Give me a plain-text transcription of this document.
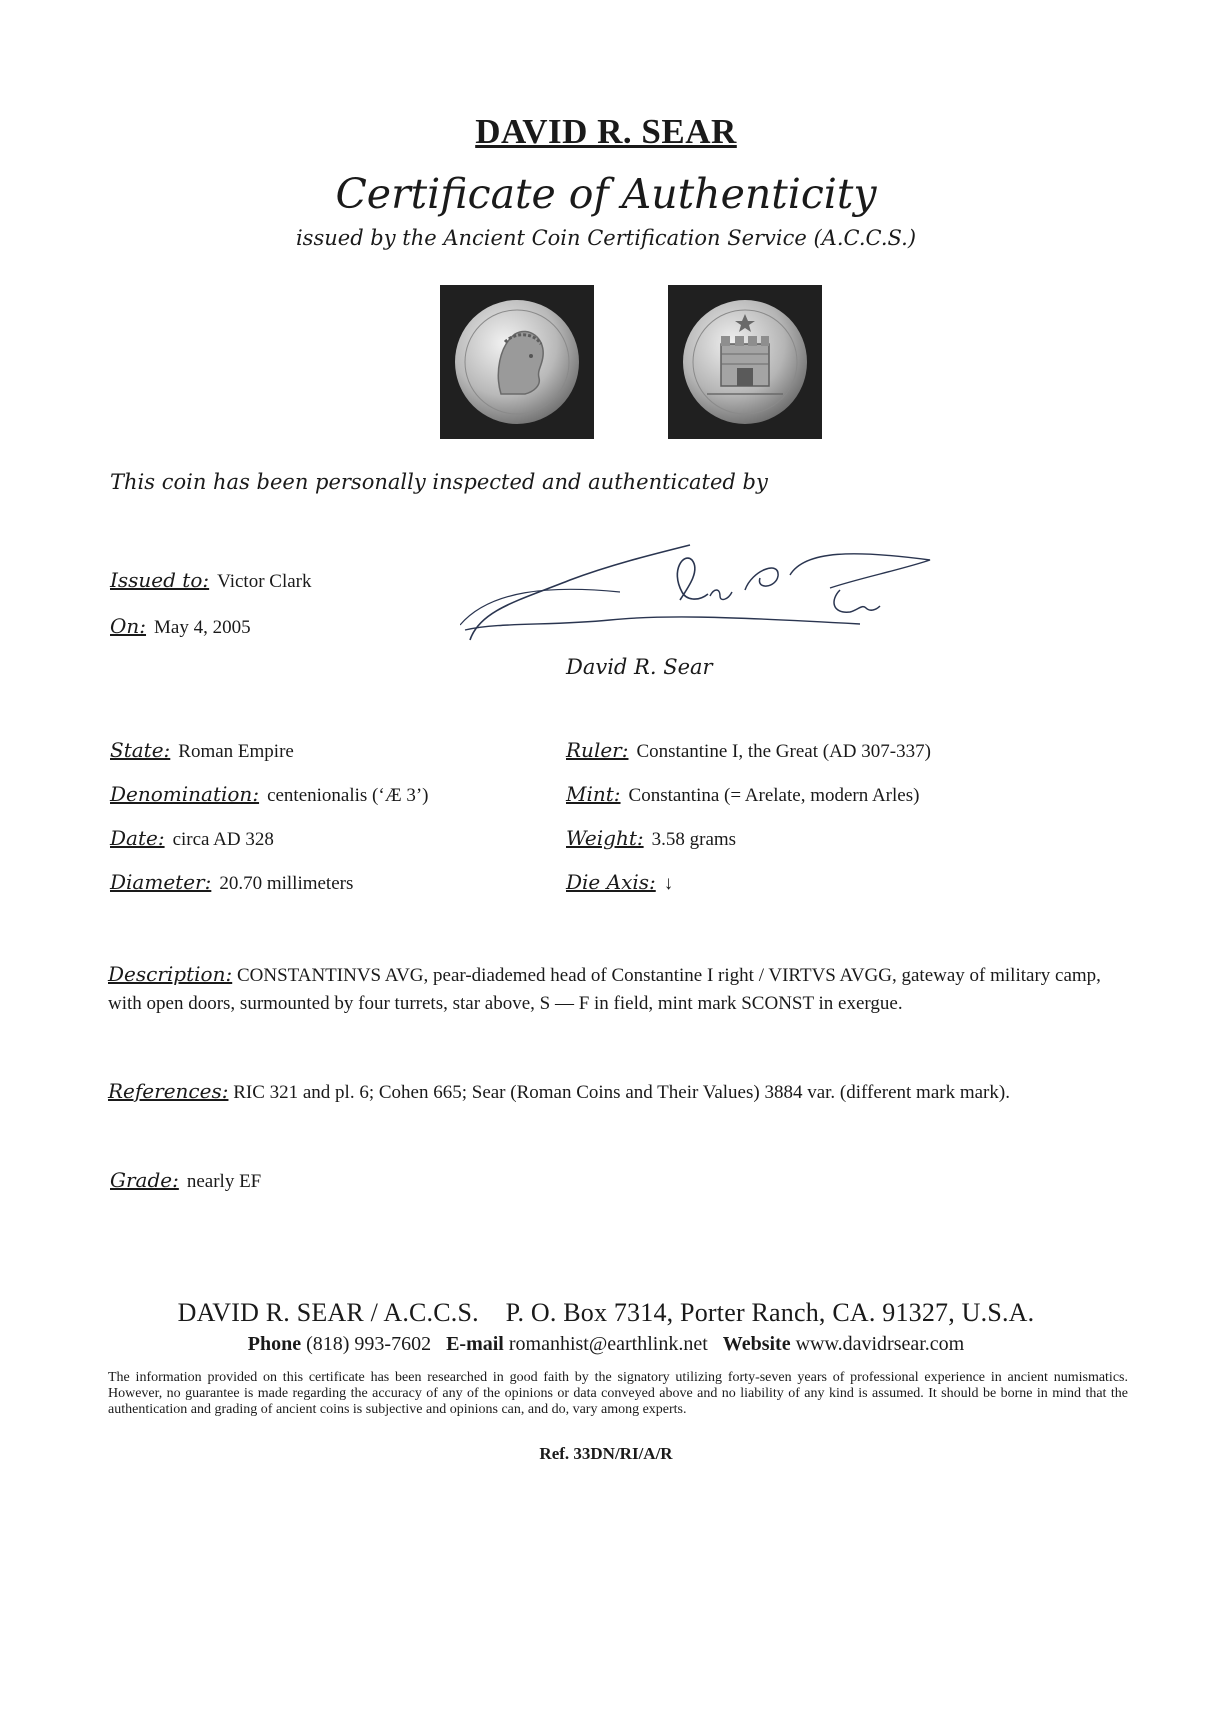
DAVID R. SEAR
Certificate of Authenticity
issued by the Ancient Coin Certification Service (A.C.C.S.)
This coin has been personally inspected and authenticated by
Issued to: Victor Clark
On: May 4, 2005
David R. Sear
State: Roman Empire
Denomination: centenionalis (‘Æ 3’)
Date: circa AD 328
Diameter: 20.70 millimeters
Ruler: Constantine I, the Great (AD 307-337)
Mint: Constantina (= Arelate, modern Arles)
Weight: 3.58 grams
Die Axis: ↓
Description: CONSTANTINVS AVG, pear-diademed head of Constantine I right / VIRTVS AVGG, gateway of military camp, with open doors, surmounted by four turrets, star above, S — F in field, mint mark SCONST in exergue.
References: RIC 321 and pl. 6; Cohen 665; Sear (Roman Coins and Their Values) 3884 var. (different mark mark).
Grade: nearly EF
DAVID R. SEAR / A.C.C.S.    P. O. Box 7314, Porter Ranch, CA. 91327, U.S.A.
Phone (818) 993-7602 E-mail romanhist@earthlink.net Website www.davidrsear.com
The information provided on this certificate has been researched in good faith by the signatory utilizing forty-seven years of professional experience in ancient numismatics. However, no guarantee is made regarding the accuracy of any of the opinions or data conveyed above and no liability of any kind is assumed. It should be borne in mind that the authentication and grading of ancient coins is subjective and opinions can, and do, vary among experts.
Ref. 33DN/RI/A/R
